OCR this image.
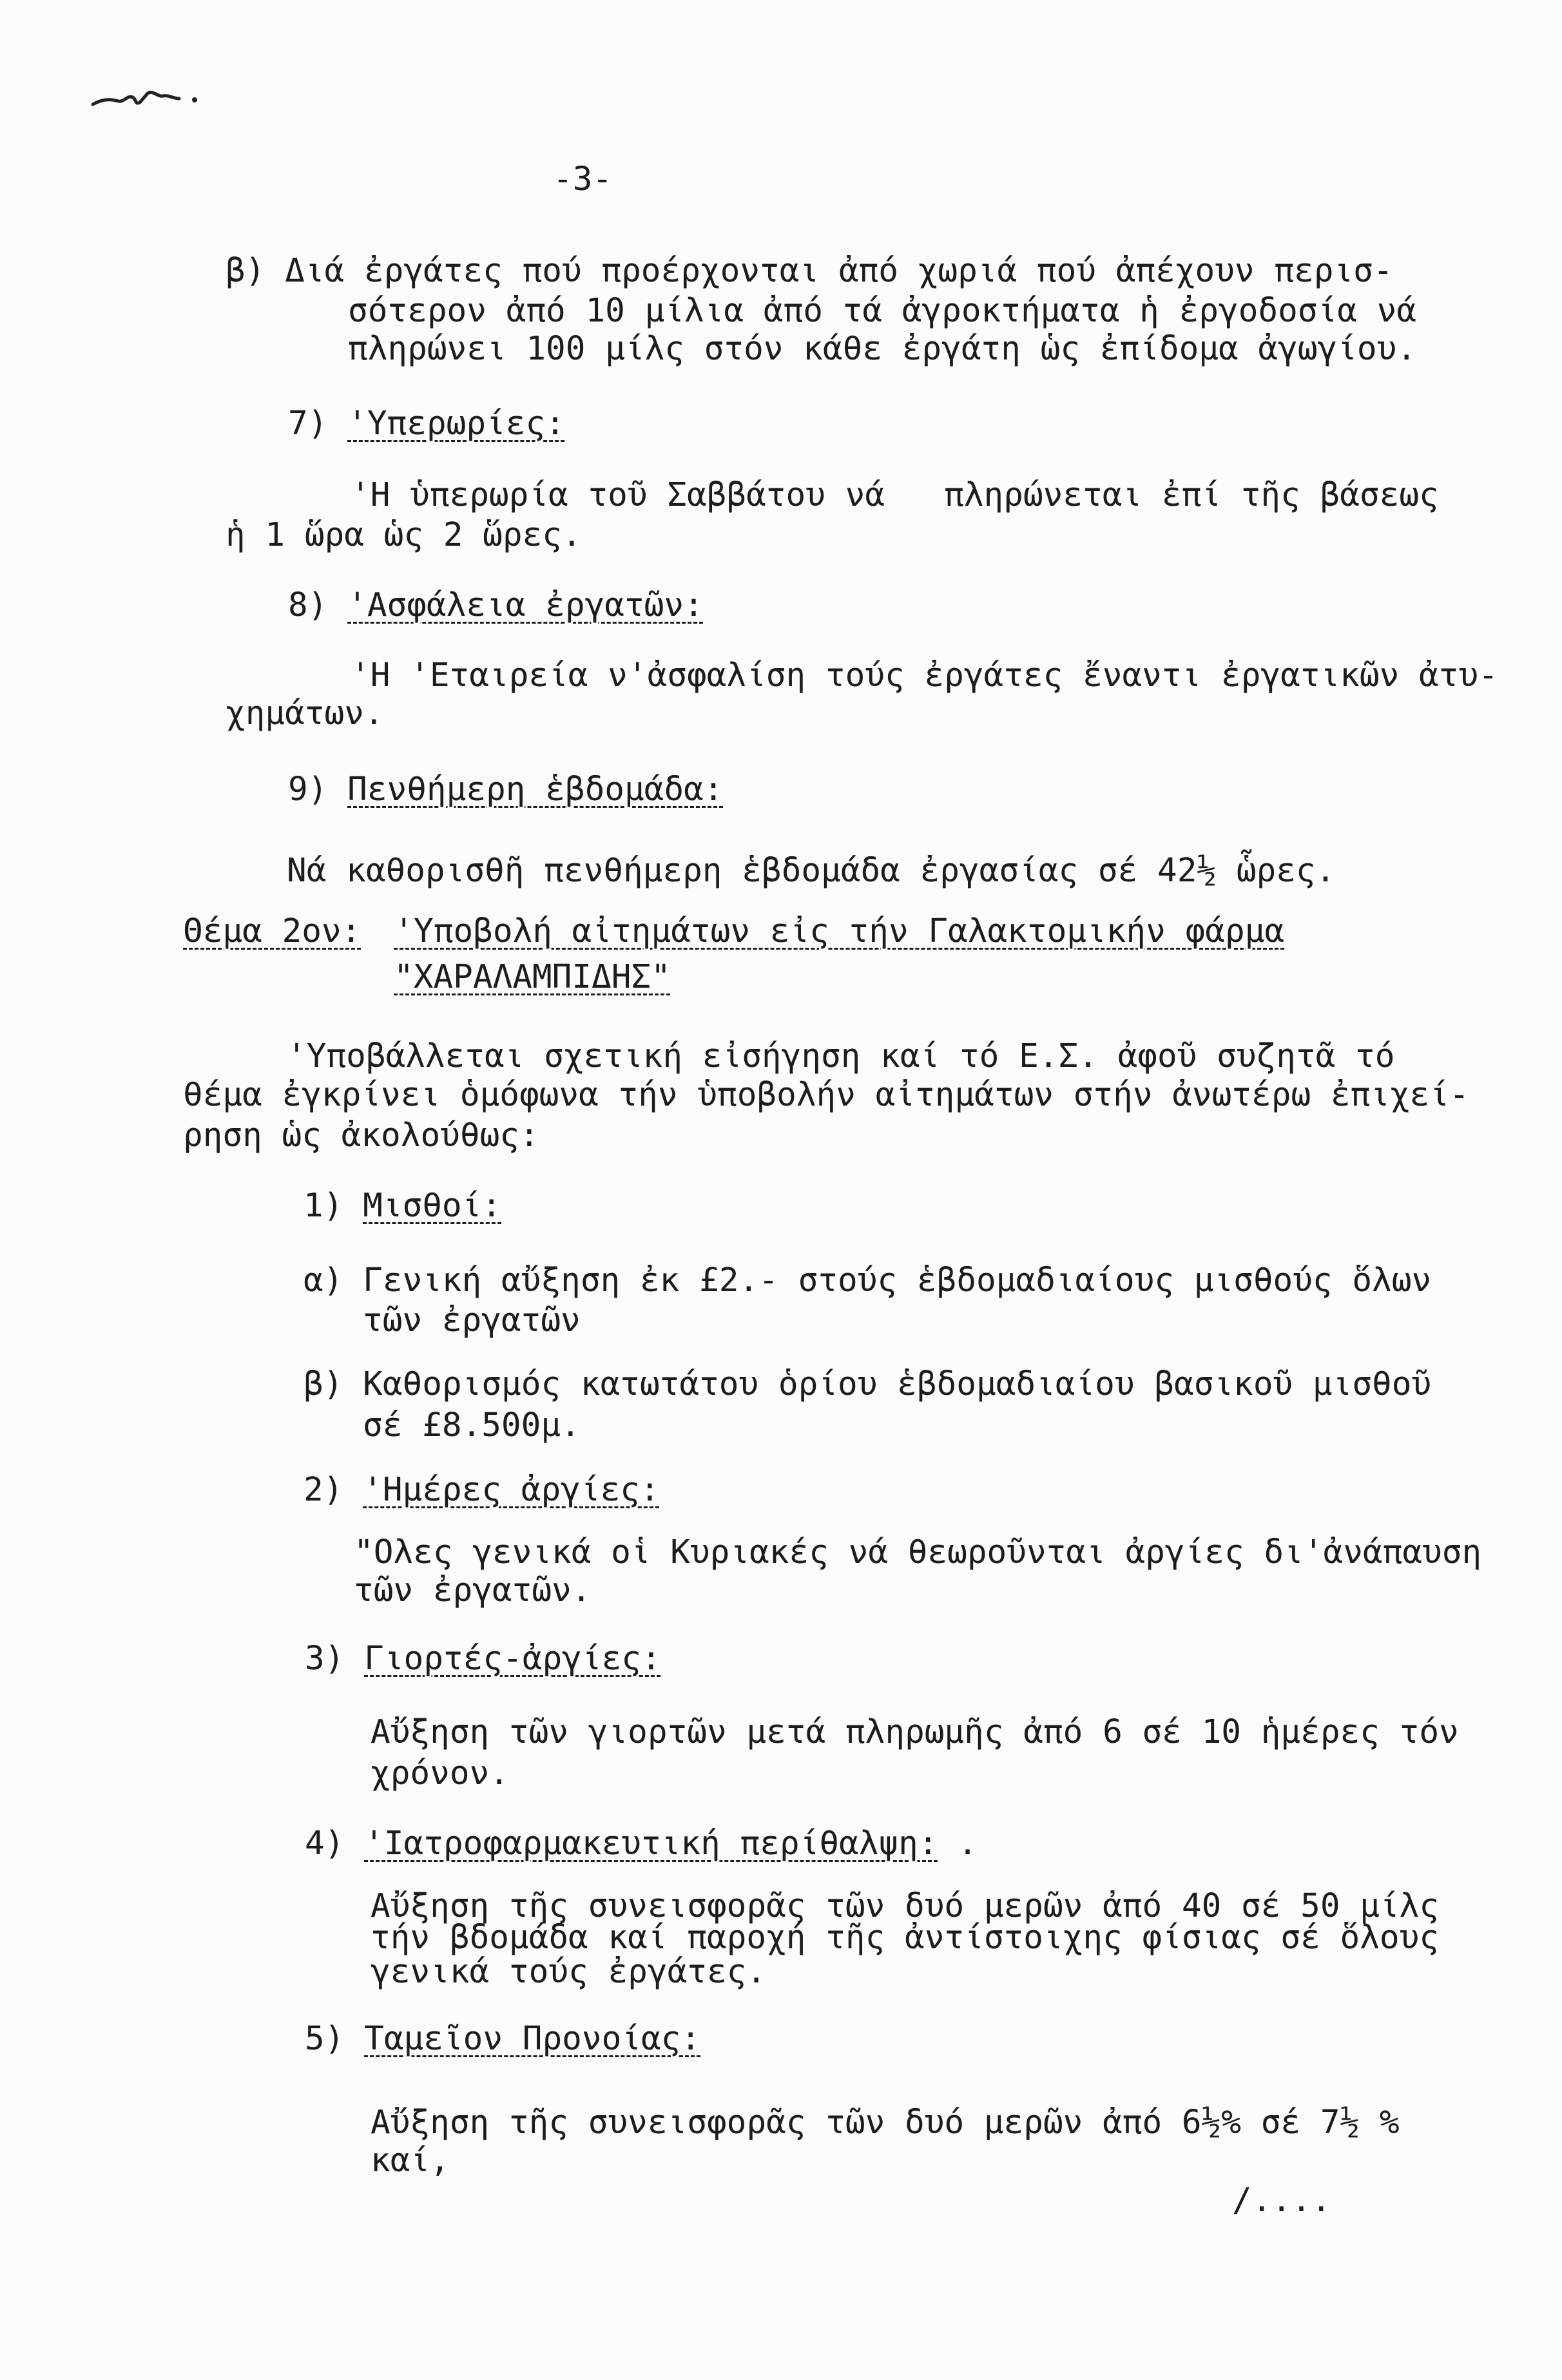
-3-
β) Διά ἐργάτες πού προέρχονται ἀπό χωριά πού ἀπέχουν περισ-
σότερον ἀπό 10 μίλια ἀπό τά ἀγροκτήματα ἡ ἐργοδοσία νά
πληρώνει 100 μίλς στόν κάθε ἐργάτη ὡς ἐπίδομα ἀγωγίου.
7) 'Υπερωρίες:
'Η ὑπερωρία τοῦ Σαββάτου νά   πληρώνεται ἐπί τῆς βάσεως
ἡ 1 ὥρα ὡς 2 ὥρες.
8) 'Ασφάλεια ἐργατῶν:
'Η 'Εταιρεία ν'ἀσφαλίση τούς ἐργάτες ἔναντι ἐργατικῶν ἀτυ-
χημάτων.
9) Πενθήμερη ἑβδομάδα:
Νά καθορισθῆ πενθήμερη ἑβδομάδα ἐργασίας σέ 42½ ὧρες.
Θέμα 2ον: 'Υποβολή αἰτημάτων εἰς τήν Γαλακτομικήν φάρμα
"ΧΑΡΑΛΑΜΠΙΔΗΣ"
'Υποβάλλεται σχετική εἰσήγηση καί τό Ε.Σ. ἀφοῦ συζητᾶ τό
θέμα ἐγκρίνει ὁμόφωνα τήν ὑποβολήν αἰτημάτων στήν ἀνωτέρω ἐπιχεί-
ρηση ὡς ἀκολούθως:
1) Μισθοί:
α) Γενική αὔξηση ἐκ £2.- στούς ἑβδομαδιαίους μισθούς ὅλων
τῶν ἐργατῶν
β) Καθορισμός κατωτάτου ὁρίου ἑβδομαδιαίου βασικοῦ μισθοῦ
σέ £8.500μ.
2) 'Ημέρες ἀργίες:
"Ολες γενικά οἱ Κυριακές νά θεωροῦνται ἀργίες δι'ἀνάπαυση
τῶν ἐργατῶν.
3) Γιορτές-ἀργίες:
Αὔξηση τῶν γιορτῶν μετά πληρωμῆς ἀπό 6 σέ 10 ἡμέρες τόν
χρόνον.
4) 'Ιατροφαρμακευτική περίθαλψη: .
Αὔξηση τῆς συνεισφορᾶς τῶν δυό μερῶν ἀπό 40 σέ 50 μίλς
τήν βδομάδα καί παροχή τῆς ἀντίστοιχης φίσιας σέ ὅλους
γενικά τούς ἐργάτες.
5) Ταμεῖον Προνοίας:
Αὔξηση τῆς συνεισφορᾶς τῶν δυό μερῶν ἀπό 6½% σέ 7½ %
καί,
/....
